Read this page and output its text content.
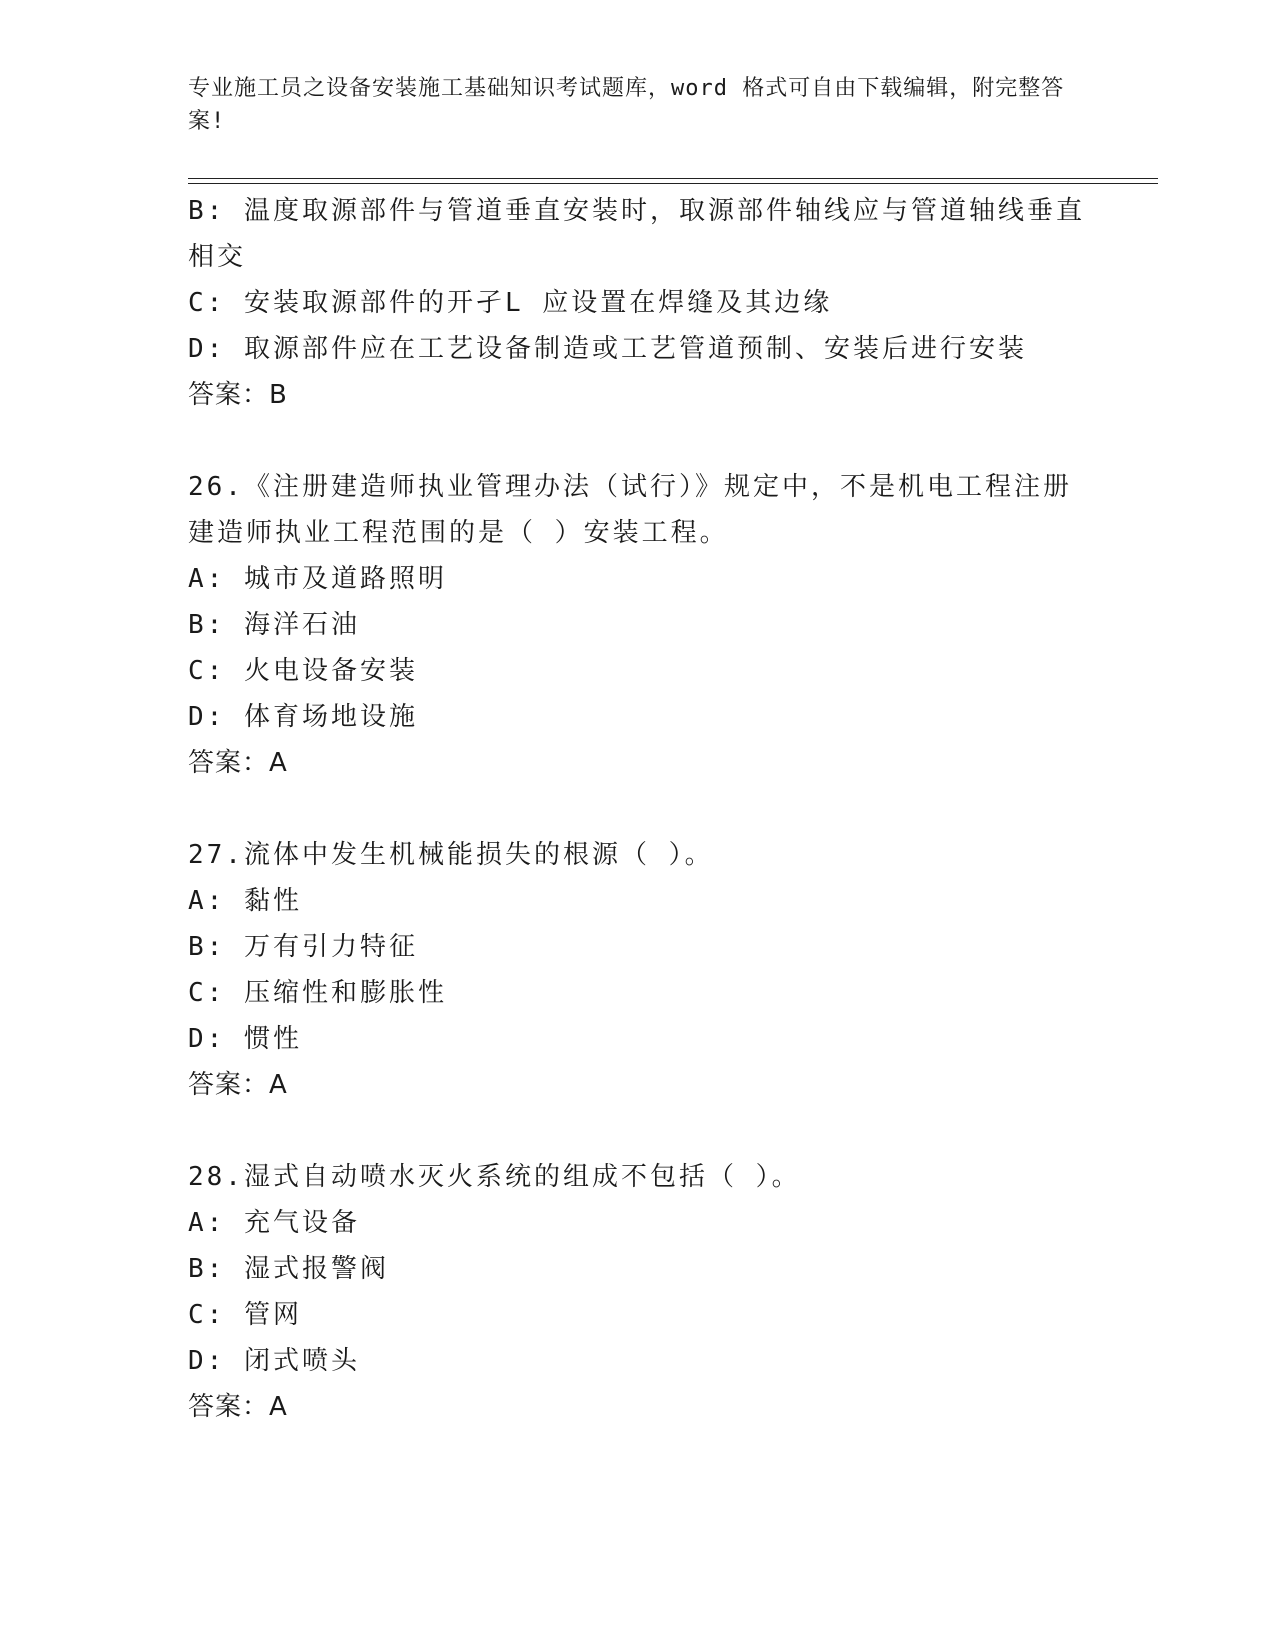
专业施工员之设备安装施工基础知识考试题库，word 格式可自由下载编辑，附完整答案!
B: 温度取源部件与管道垂直安装时，取源部件轴线应与管道轴线垂直相交
C: 安装取源部件的开孑L 应设置在焊缝及其边缘
D: 取源部件应在工艺设备制造或工艺管道预制、安装后进行安装
答案：B
26.《注册建造师执业管理办法（试行）》规定中，不是机电工程注册建造师执业工程范围的是（ ）安装工程。
A: 城市及道路照明
B: 海洋石油
C: 火电设备安装
D: 体育场地设施
答案：A
27.流体中发生机械能损失的根源（ ）。
A: 黏性
B: 万有引力特征
C: 压缩性和膨胀性
D: 惯性
答案：A
28.湿式自动喷水灭火系统的组成不包括（ ）。
A: 充气设备
B: 湿式报警阀
C: 管网
D: 闭式喷头
答案：A
